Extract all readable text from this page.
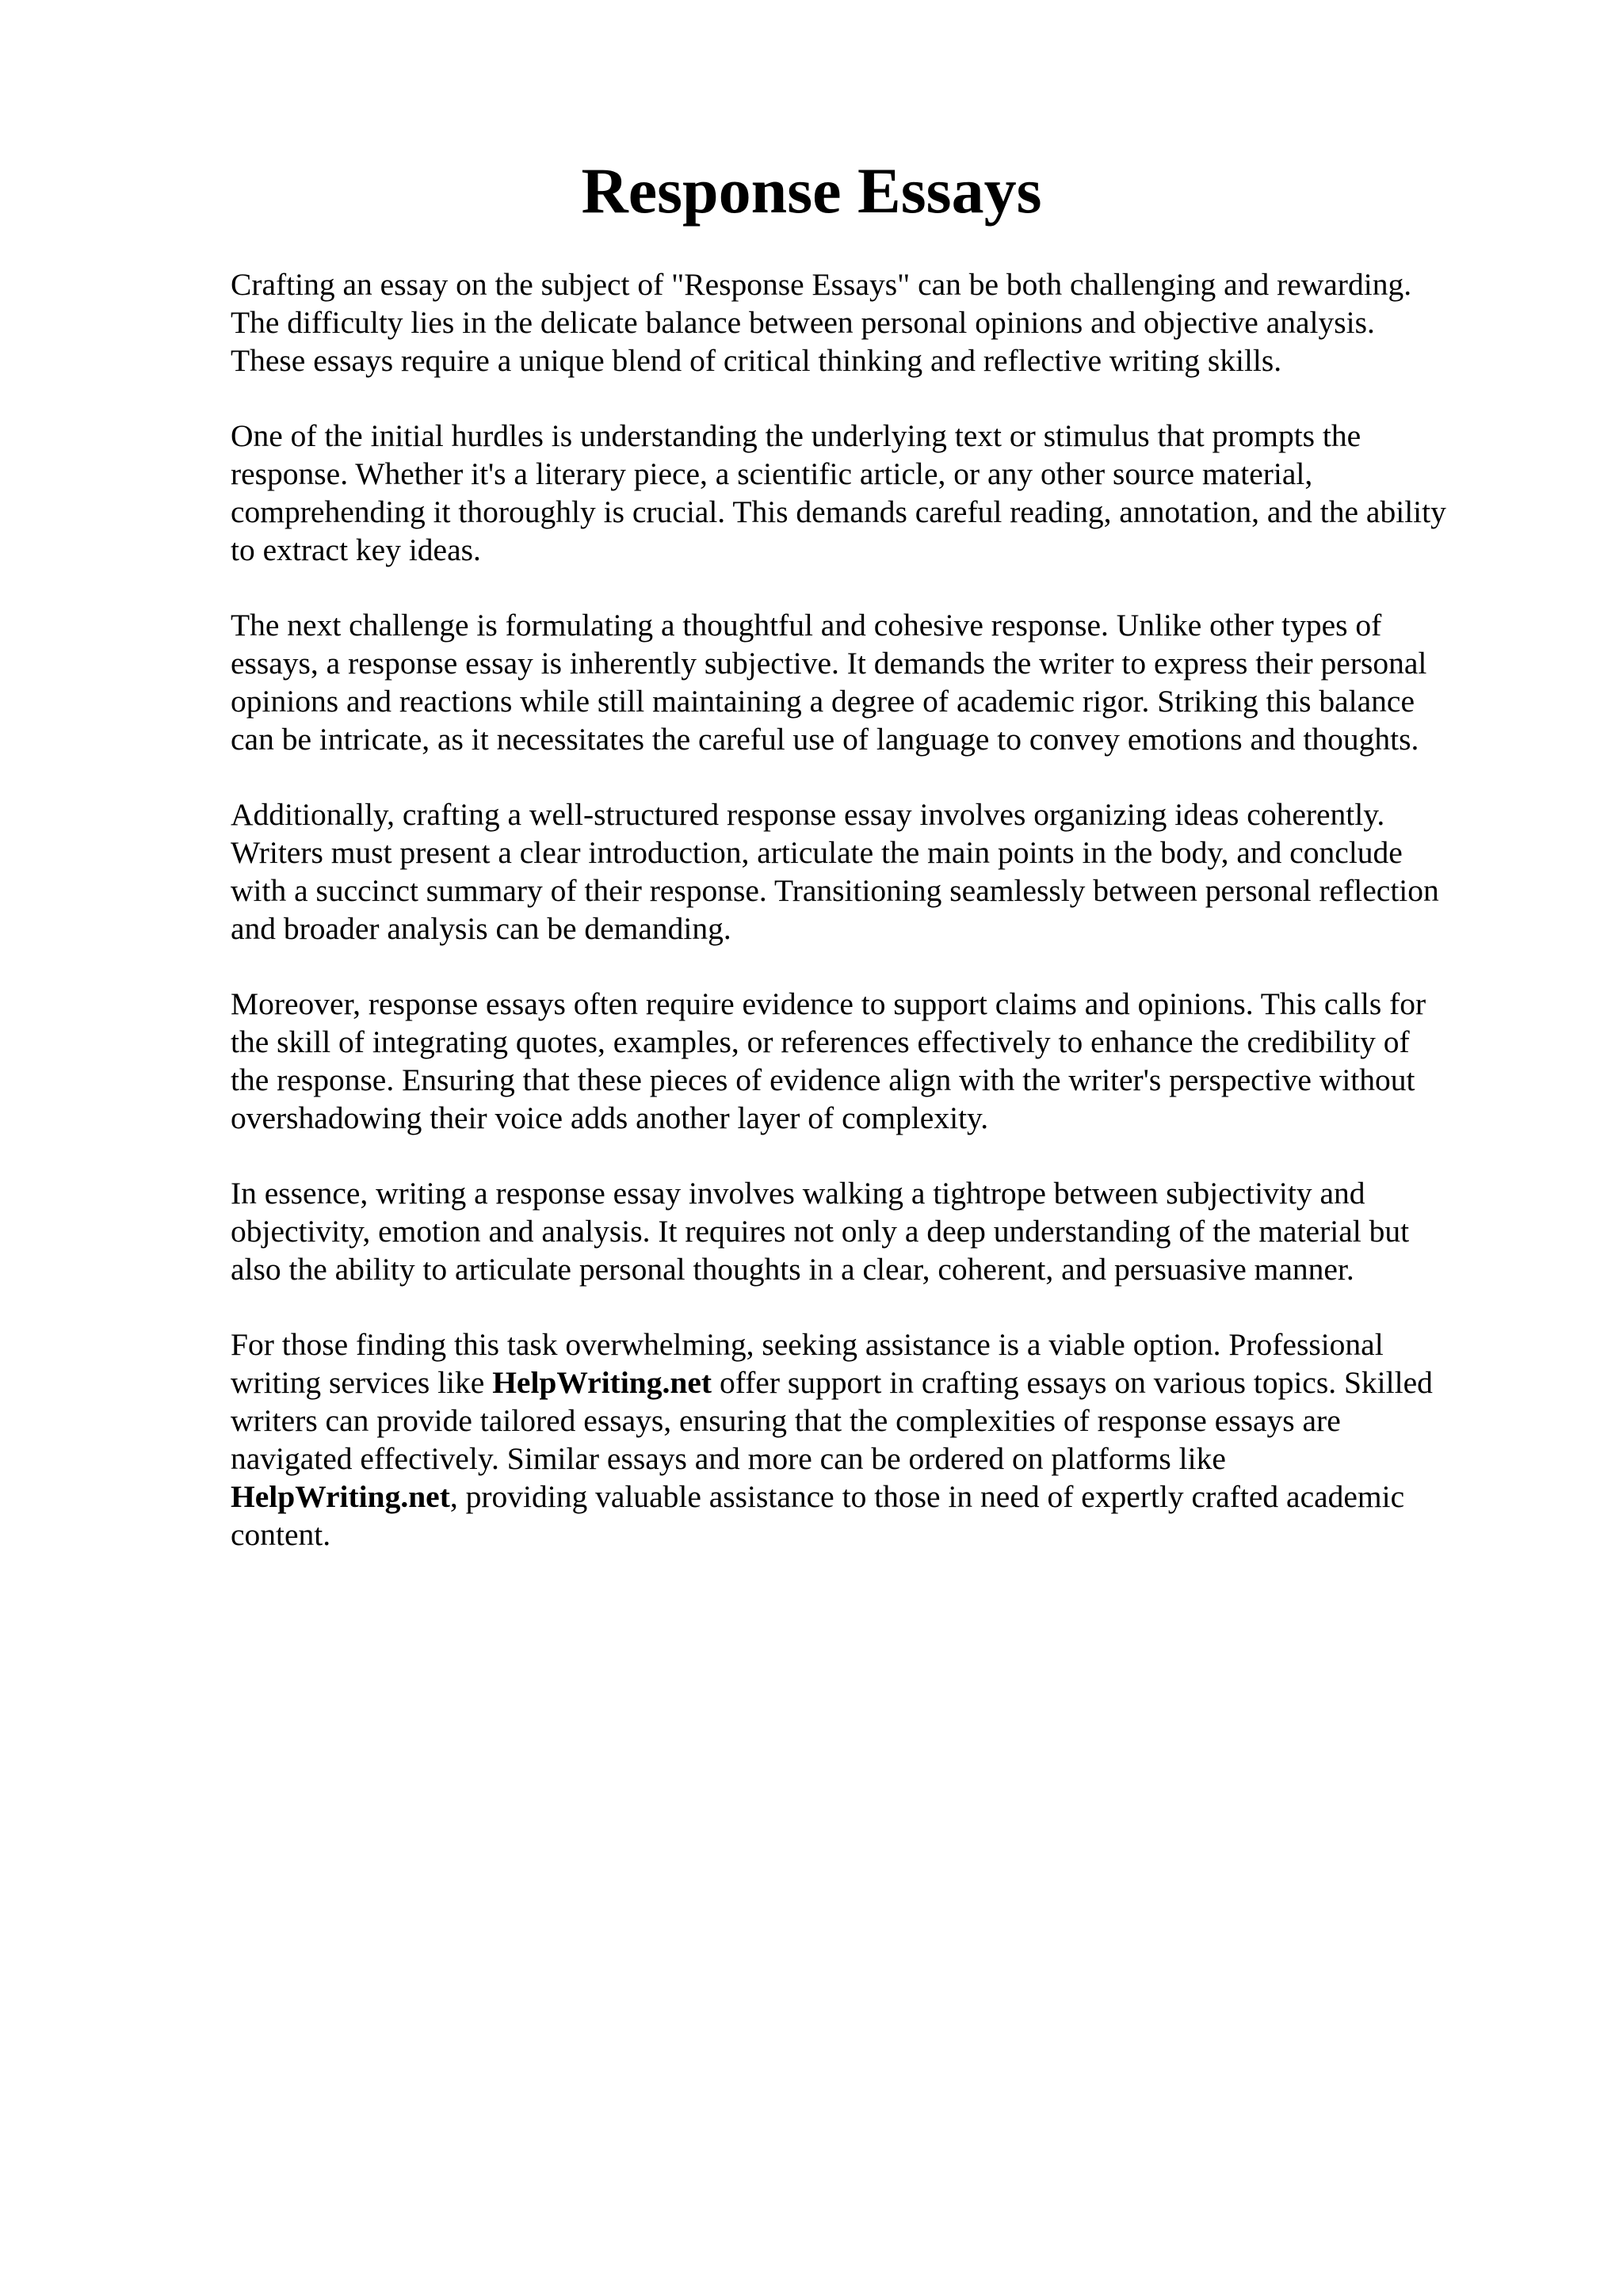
Response Essays

Crafting an essay on the subject of "Response Essays" can be both challenging and rewarding.
The difficulty lies in the delicate balance between personal opinions and objective analysis.
These essays require a unique blend of critical thinking and reflective writing skills.

One of the initial hurdles is understanding the underlying text or stimulus that prompts the
response. Whether it's a literary piece, a scientific article, or any other source material,
comprehending it thoroughly is crucial. This demands careful reading, annotation, and the ability
to extract key ideas.

The next challenge is formulating a thoughtful and cohesive response. Unlike other types of
essays, a response essay is inherently subjective. It demands the writer to express their personal
opinions and reactions while still maintaining a degree of academic rigor. Striking this balance
can be intricate, as it necessitates the careful use of language to convey emotions and thoughts.

Additionally, crafting a well-structured response essay involves organizing ideas coherently.
Writers must present a clear introduction, articulate the main points in the body, and conclude
with a succinct summary of their response. Transitioning seamlessly between personal reflection
and broader analysis can be demanding.

Moreover, response essays often require evidence to support claims and opinions. This calls for
the skill of integrating quotes, examples, or references effectively to enhance the credibility of
the response. Ensuring that these pieces of evidence align with the writer's perspective without
overshadowing their voice adds another layer of complexity.

In essence, writing a response essay involves walking a tightrope between subjectivity and
objectivity, emotion and analysis. It requires not only a deep understanding of the material but
also the ability to articulate personal thoughts in a clear, coherent, and persuasive manner.

For those finding this task overwhelming, seeking assistance is a viable option. Professional
writing services like HelpWriting.net offer support in crafting essays on various topics. Skilled
writers can provide tailored essays, ensuring that the complexities of response essays are
navigated effectively. Similar essays and more can be ordered on platforms like
HelpWriting.net, providing valuable assistance to those in need of expertly crafted academic
content.
